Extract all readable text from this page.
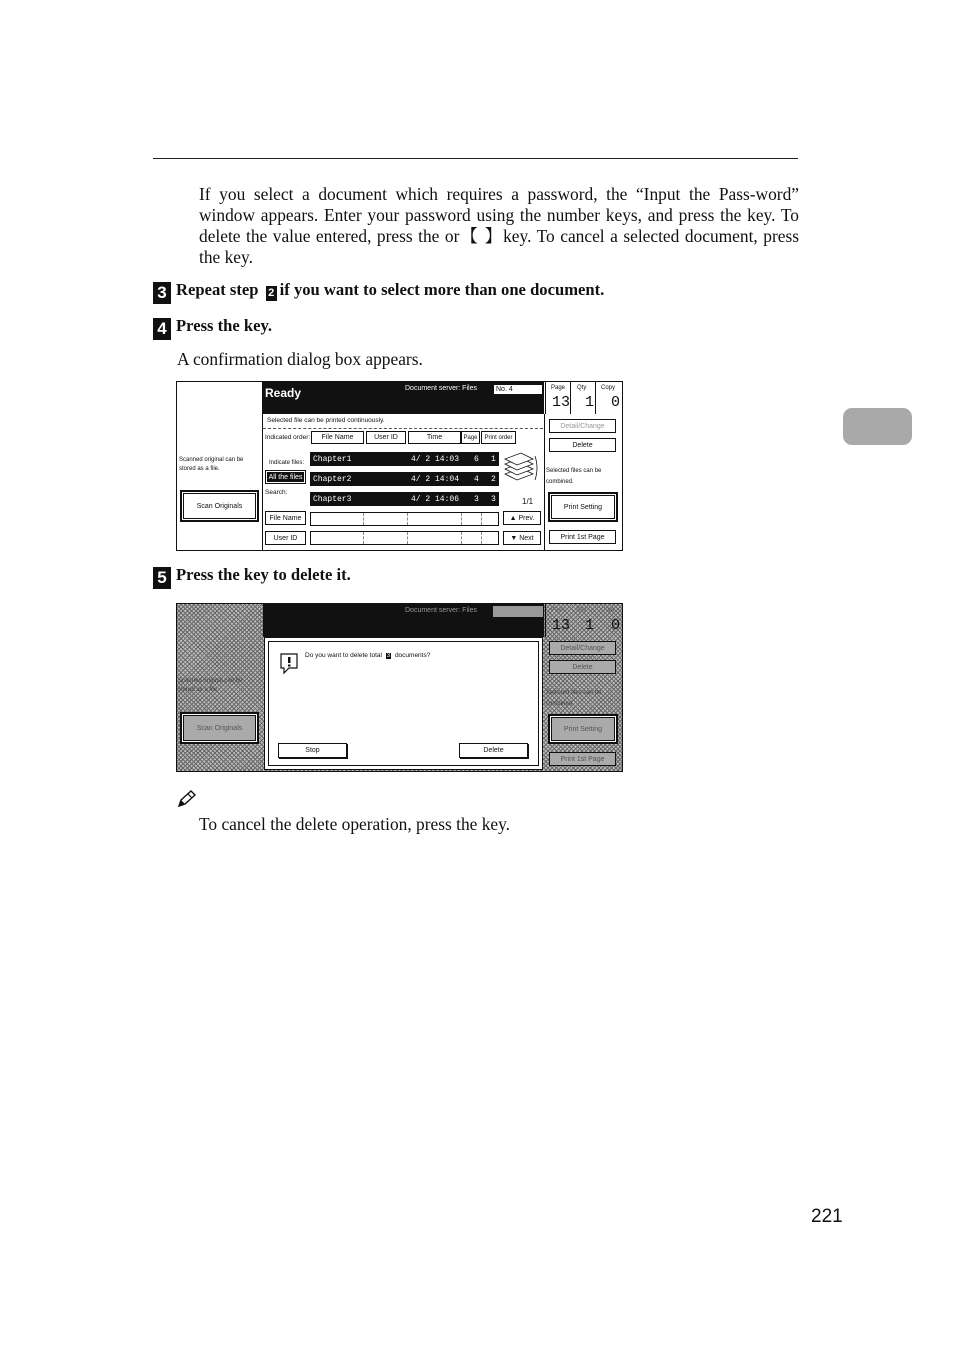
If you select a document which requires a password, the “Input the Pass-word” window appears. Enter your password using the number keys, and press the key. To delete the value entered, press the or【 】key. To cancel a selected document, press the key.
3 Repeat step 2 if you want to select more than one document.
4 Press the key.
A confirmation dialog box appears.
Ready	Document server: Files	No. 4	Page
13
Qty
1
Copy
0
Scanned original can be stored as a file.
Scan Originals
Selected file can be printed continuously.
Indicated order:	File Name	User ID	Time	Page	Print order
Indicate files:
All the files
Search:
File Name
User ID
Chapter1	4/ 2 14:03 6 1
Chapter2	4/ 2 14:04 4 2
Chapter3	4/ 2 14:06 3 3	1/1
▲ Prev.
▼ Next
Detail/Change
Delete
Selected files can be combined.
Print Setting
Print 1st Page
5 Press the key to delete it.
Document server: Files	Page
13
Qty
1
Copy
0
Scanned original can be stored as a file.
Scan Originals
Detail/Change
Delete
Selected files can be combined.
Print Setting
Print 1st Page
Do you want to delete total 3 documents?
Stop	Delete
To cancel the delete operation, press the key.
221
